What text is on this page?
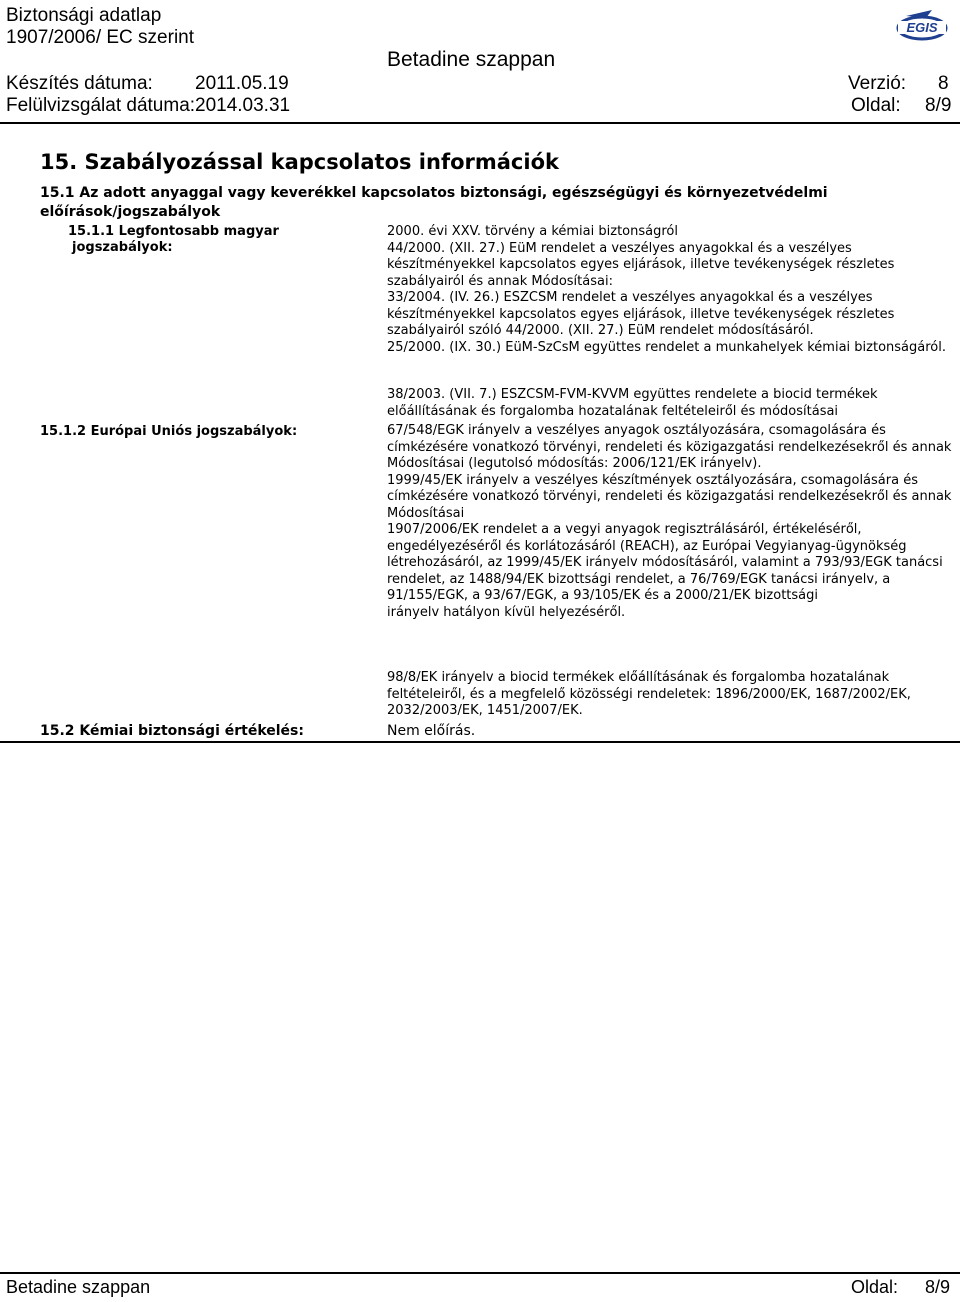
Biztonsági adatlap
1907/2006/ EC szerint
Betadine szappan
EGIS
Készítés dátuma: 2011.05.19
Felülvizsgálat dátuma: 2014.03.31
Verzió: 8
Oldal: 8/9
15. Szabályozással kapcsolatos információk
15.1 Az adott anyaggal vagy keverékkel kapcsolatos biztonsági, egészségügyi és környezetvédelmi előírások/jogszabályok
15.1.1 Legfontosabb magyar
jogszabályok:

2000. évi XXV. törvény a kémiai biztonságról

44/2000. (XII. 27.) EüM rendelet a veszélyes anyagokkal és a veszélyes készítményekkel kapcsolatos egyes eljárások, illetve tevékenységek részletes szabályairól és annak Módosításai:

33/2004. (IV. 26.) ESZCSM rendelet a veszélyes anyagokkal és a veszélyes készítményekkel kapcsolatos egyes eljárások, illetve tevékenységek részletes szabályairól szóló 44/2000. (XII. 27.) EüM rendelet módosításáról.

25/2000. (IX. 30.) EüM-SzCsM együttes rendelet a munkahelyek kémiai biztonságáról.

38/2003. (VII. 7.) ESZCSM-FVM-KVVM együttes rendelete a biocid termékek előállításának és forgalomba hozatalának feltételeiről és módosításai

15.1.2 Európai Uniós jogszabályok:	67/548/EGK irányelv a veszélyes anyagok osztályozására, csomagolására és címkézésére vonatkozó törvényi, rendeleti és közigazgatási rendelkezésekről és annak Módosításai (legutolsó módosítás: 2006/121/EK irányelv).

1999/45/EK irányelv a veszélyes készítmények osztályozására, csomagolására és címkézésére vonatkozó törvényi, rendeleti és közigazgatási rendelkezésekről és annak Módosításai

1907/2006/EK rendelet a a vegyi anyagok regisztrálásáról, értékeléséről, engedélyezéséről és korlátozásáról (REACH), az Európai Vegyianyag-ügynökség létrehozásáról, az 1999/45/EK irányelv módosításáról, valamint a 793/93/EGK tanácsi rendelet, az 1488/94/EK bizottsági rendelet, a 76/769/EGK tanácsi irányelv, a 91/155/EGK, a 93/67/EGK, a 93/105/EK és a 2000/21/EK bizottsági

irányelv hatályon kívül helyezéséről.

98/8/EK irányelv a biocid termékek előállításának és forgalomba hozatalának feltételeiről, és a megfelelő közösségi rendeletek: 1896/2000/EK, 1687/2002/EK, 2032/2003/EK, 1451/2007/EK.

15.2 Kémiai biztonsági értékelés:	Nem előírás.
Betadine szappan	Oldal: 8/9
